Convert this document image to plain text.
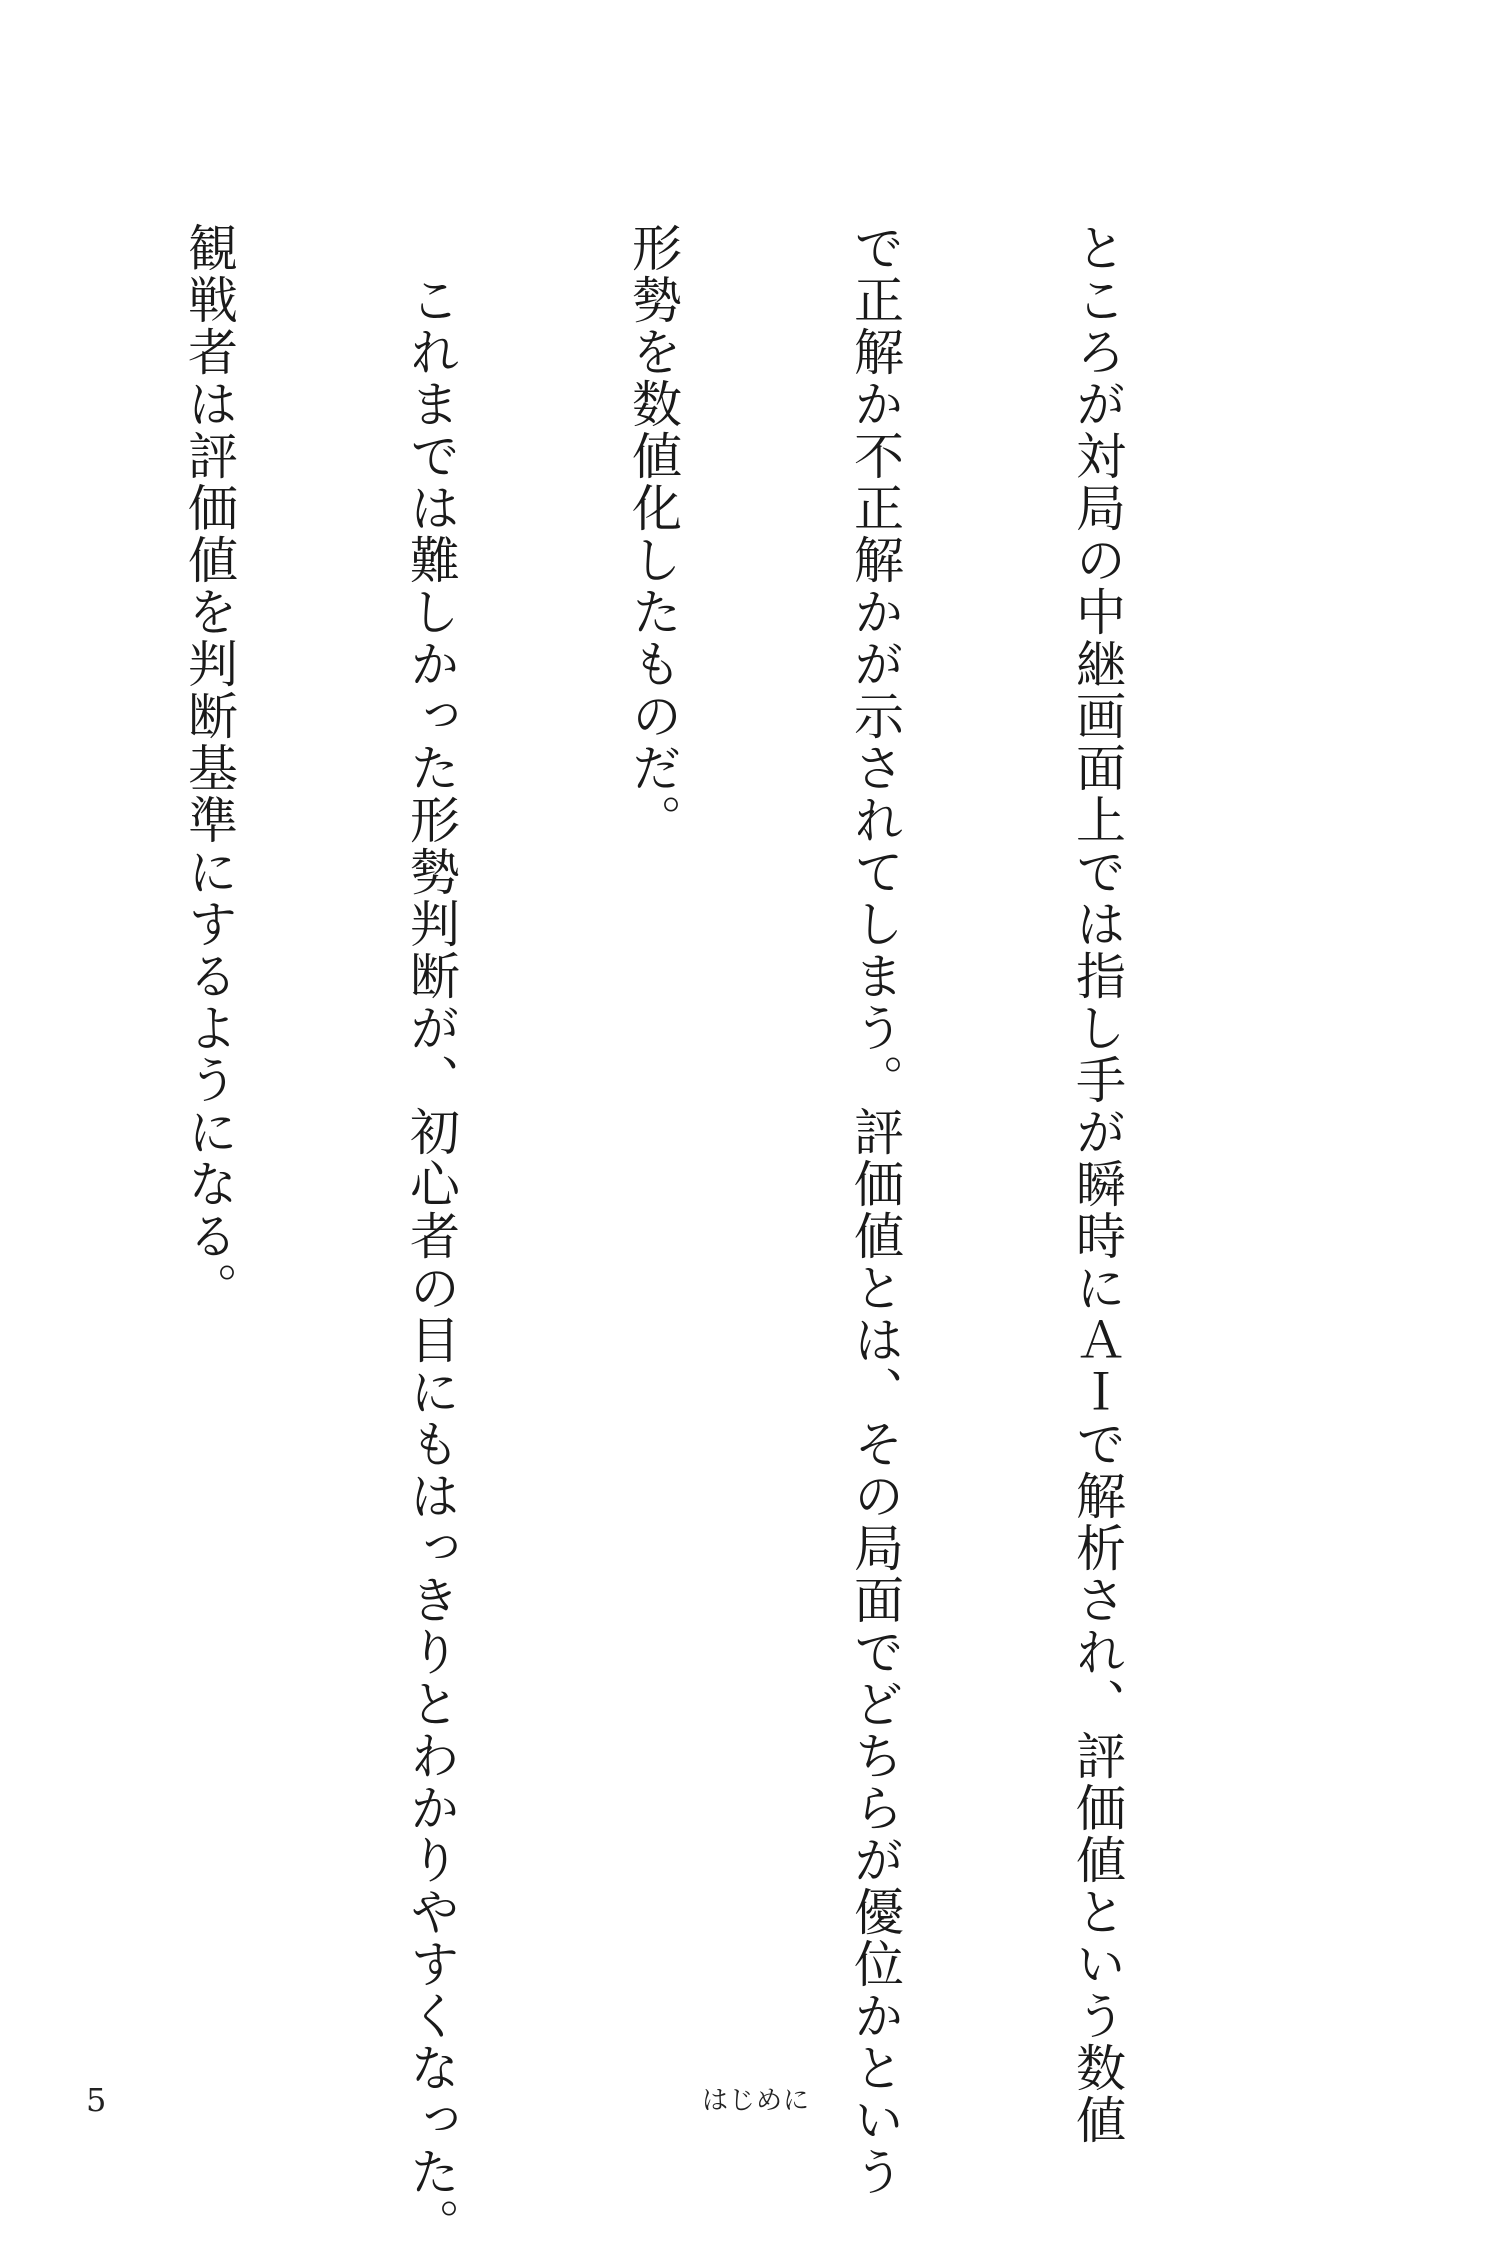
ところが対局の中継画面上では指し手が瞬時にＡＩで解析され、評価値という数値

で正解か不正解かが示されてしまう。評価値とは、その局面でどちらが優位かという

形勢を数値化したものだ。

　これまでは難しかった形勢判断が、初心者の目にもはっきりとわかりやすくなった。

観戦者は評価値を判断基準にするようになる。

5	はじめに
